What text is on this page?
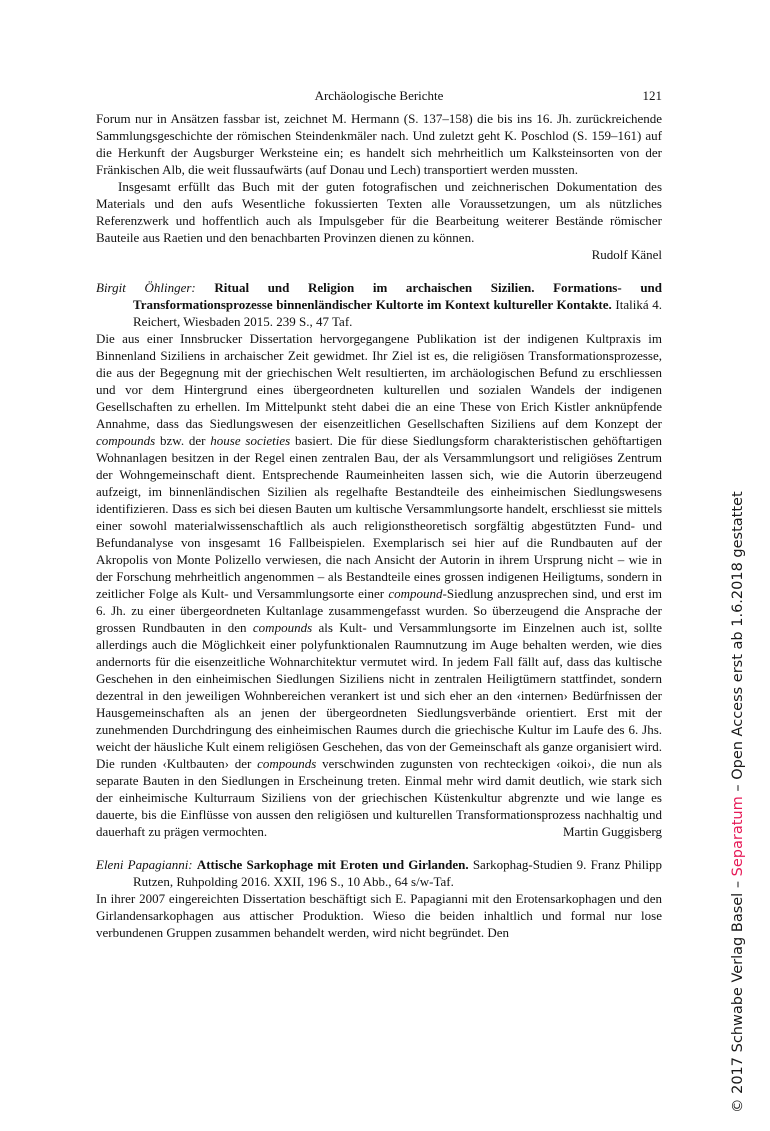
Archäologische Berichte	121
Forum nur in Ansätzen fassbar ist, zeichnet M. Hermann (S. 137–158) die bis ins 16. Jh. zurückreichende Sammlungsgeschichte der römischen Steindenkmäler nach. Und zuletzt geht K. Poschlod (S. 159–161) auf die Herkunft der Augsburger Werksteine ein; es handelt sich mehrheitlich um Kalksteinsorten von der Fränkischen Alb, die weit flussaufwärts (auf Donau und Lech) transportiert werden mussten.
Insgesamt erfüllt das Buch mit der guten fotografischen und zeichnerischen Dokumentation des Materials und den aufs Wesentliche fokussierten Texten alle Voraussetzungen, um als nützliches Referenzwerk und hoffentlich auch als Impulsgeber für die Bearbeitung weiterer Bestände römischer Bauteile aus Raetien und den benachbarten Provinzen dienen zu können.
Rudolf Känel
Birgit Öhlinger: Ritual und Religion im archaischen Sizilien. Formations- und Transformationsprozesse binnenländischer Kultorte im Kontext kultureller Kontakte. Italiká 4. Reichert, Wiesbaden 2015. 239 S., 47 Taf.
Die aus einer Innsbrucker Dissertation hervorgegangene Publikation ist der indigenen Kultpraxis im Binnenland Siziliens in archaischer Zeit gewidmet. Ihr Ziel ist es, die religiösen Transformationsprozesse, die aus der Begegnung mit der griechischen Welt resultierten, im archäologischen Befund zu erschliessen und vor dem Hintergrund eines übergeordneten kulturellen und sozialen Wandels der indigenen Gesellschaften zu erhellen. Im Mittelpunkt steht dabei die an eine These von Erich Kistler anknüpfende Annahme, dass das Siedlungswesen der eisenzeitlichen Gesellschaften Siziliens auf dem Konzept der compounds bzw. der house societies basiert. Die für diese Siedlungsform charakteristischen gehöftartigen Wohnanlagen besitzen in der Regel einen zentralen Bau, der als Versammlungsort und religiöses Zentrum der Wohngemeinschaft dient. Entsprechende Raumeinheiten lassen sich, wie die Autorin überzeugend aufzeigt, im binnenländischen Sizilien als regelhafte Bestandteile des einheimischen Siedlungswesens identifizieren. Dass es sich bei diesen Bauten um kultische Versammlungsorte handelt, erschliesst sie mittels einer sowohl materialwissenschaftlich als auch religionstheoretisch sorgfältig abgestützten Fund- und Befundanalyse von insgesamt 16 Fallbeispielen. Exemplarisch sei hier auf die Rundbauten auf der Akropolis von Monte Polizello verwiesen, die nach Ansicht der Autorin in ihrem Ursprung nicht – wie in der Forschung mehrheitlich angenommen – als Bestandteile eines grossen indigenen Heiligtums, sondern in zeitlicher Folge als Kult- und Versammlungsorte einer compound-Siedlung anzusprechen sind, und erst im 6. Jh. zu einer übergeordneten Kultanlage zusammengefasst wurden. So überzeugend die Ansprache der grossen Rundbauten in den compounds als Kult- und Versammlungsorte im Einzelnen auch ist, sollte allerdings auch die Möglichkeit einer polyfunktionalen Raumnutzung im Auge behalten werden, wie dies andernorts für die eisenzeitliche Wohnarchitektur vermutet wird. In jedem Fall fällt auf, dass das kultische Geschehen in den einheimischen Siedlungen Siziliens nicht in zentralen Heiligtümern stattfindet, sondern dezentral in den jeweiligen Wohnbereichen verankert ist und sich eher an den ‹internen› Bedürfnissen der Hausgemeinschaften als an jenen der übergeordneten Siedlungsverbände orientiert. Erst mit der zunehmenden Durchdringung des einheimischen Raumes durch die griechische Kultur im Laufe des 6. Jhs. weicht der häusliche Kult einem religiösen Geschehen, das von der Gemeinschaft als ganze organisiert wird. Die runden ‹Kultbauten› der compounds verschwinden zugunsten von rechteckigen ‹oikoi›, die nun als separate Bauten in den Siedlungen in Erscheinung treten. Einmal mehr wird damit deutlich, wie stark sich der einheimische Kulturraum Siziliens von der griechischen Küstenkultur abgrenzte und wie lange es dauerte, bis die Einflüsse von aussen den religiösen und kulturellen Transformationsprozess nachhaltig und dauerhaft zu prägen vermochten.	Martin Guggisberg
Eleni Papagianni: Attische Sarkophage mit Eroten und Girlanden. Sarkophag-Studien 9. Franz Philipp Rutzen, Ruhpolding 2016. XXII, 196 S., 10 Abb., 64 s/w-Taf.
In ihrer 2007 eingereichten Dissertation beschäftigt sich E. Papagianni mit den Erotensarkophagen und den Girlandensarkophagen aus attischer Produktion. Wieso die beiden inhaltlich und formal nur lose verbundenen Gruppen zusammen behandelt werden, wird nicht begründet. Den	© 2017 Schwabe Verlag Basel – Separatum – Open Access erst ab 1.6.2018 gestattet
